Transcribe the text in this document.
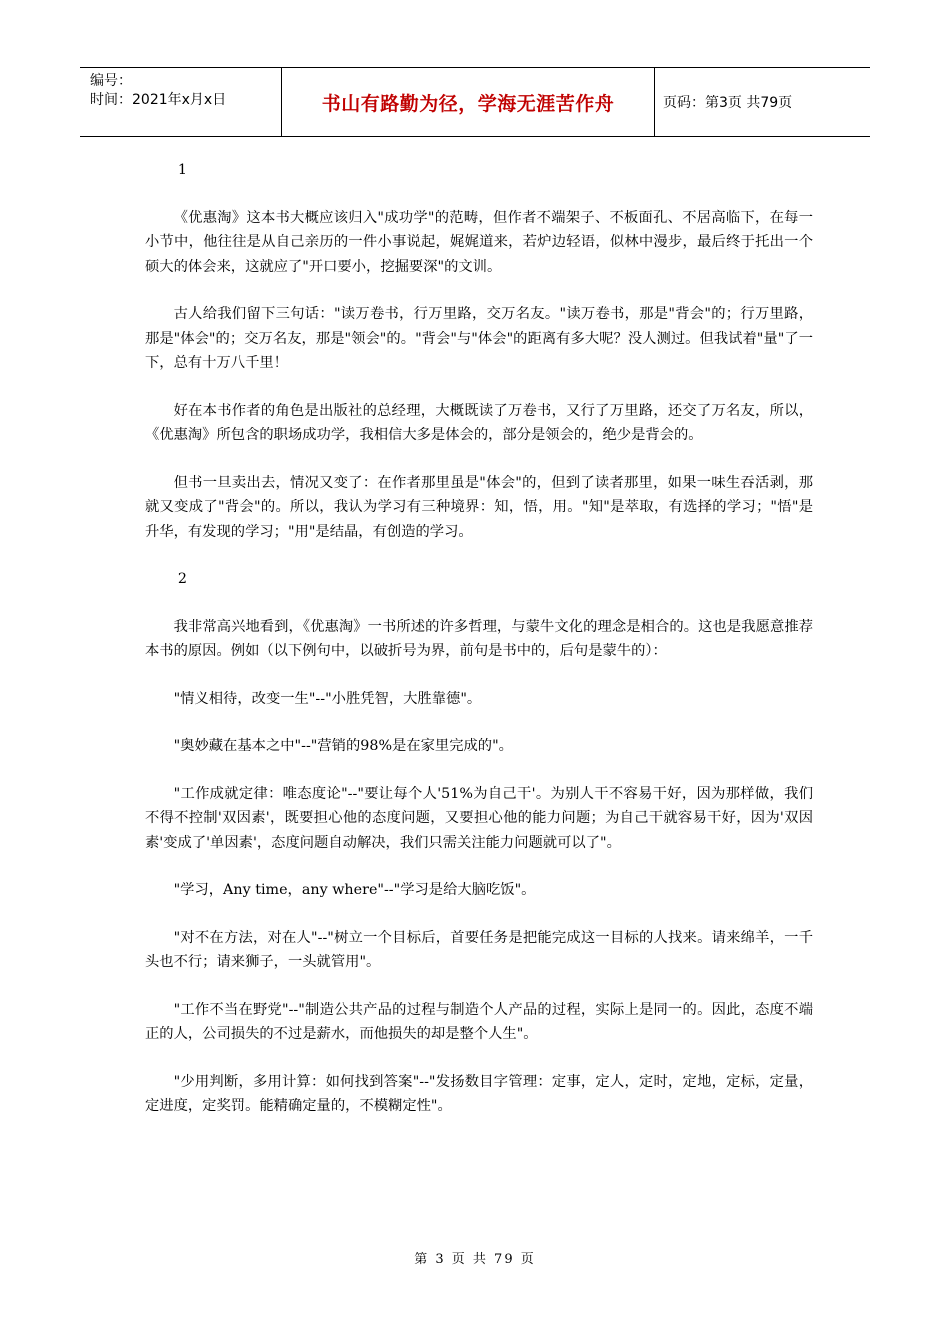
编号：
时间：2021年x月x日	书山有路勤为径，学海无涯苦作舟	页码：第3页 共79页

1

《优惠淘》这本书大概应该归入"成功学"的范畴，但作者不端架子、不板面孔、不居高临下，在每一小节中，他往往是从自己亲历的一件小事说起，娓娓道来，若炉边轻语，似林中漫步，最后终于托出一个硕大的体会来，这就应了"开口要小，挖掘要深"的文训。

古人给我们留下三句话："读万卷书，行万里路，交万名友。"读万卷书，那是"背会"的；行万里路，那是"体会"的；交万名友，那是"领会"的。"背会"与"体会"的距离有多大呢？没人测过。但我试着"量"了一下，总有十万八千里！

好在本书作者的角色是出版社的总经理，大概既读了万卷书，又行了万里路，还交了万名友，所以，《优惠淘》所包含的职场成功学，我相信大多是体会的，部分是领会的，绝少是背会的。

但书一旦卖出去，情况又变了：在作者那里虽是"体会"的，但到了读者那里，如果一味生吞活剥，那就又变成了"背会"的。所以，我认为学习有三种境界：知，悟，用。"知"是萃取，有选择的学习；"悟"是升华，有发现的学习；"用"是结晶，有创造的学习。

2

我非常高兴地看到，《优惠淘》一书所述的许多哲理，与蒙牛文化的理念是相合的。这也是我愿意推荐本书的原因。例如（以下例句中，以破折号为界，前句是书中的，后句是蒙牛的）：

"情义相待，改变一生"--"小胜凭智，大胜靠德"。

"奥妙藏在基本之中"--"营销的98%是在家里完成的"。

"工作成就定律：唯态度论"--"要让每个人'51%为自己干'。为别人干不容易干好，因为那样做，我们不得不控制'双因素'，既要担心他的态度问题，又要担心他的能力问题；为自己干就容易干好，因为'双因素'变成了'单因素'，态度问题自动解决，我们只需关注能力问题就可以了"。

"学习，Any time，any where"--"学习是给大脑吃饭"。

"对不在方法，对在人"--"树立一个目标后，首要任务是把能完成这一目标的人找来。请来绵羊，一千头也不行；请来狮子，一头就管用"。

"工作不当在野党"--"制造公共产品的过程与制造个人产品的过程，实际上是同一的。因此，态度不端正的人，公司损失的不过是薪水，而他损失的却是整个人生"。

"少用判断，多用计算：如何找到答案"--"发扬数目字管理：定事，定人，定时，定地，定标，定量，定进度，定奖罚。能精确定量的，不模糊定性"。

第 3 页 共 79 页
